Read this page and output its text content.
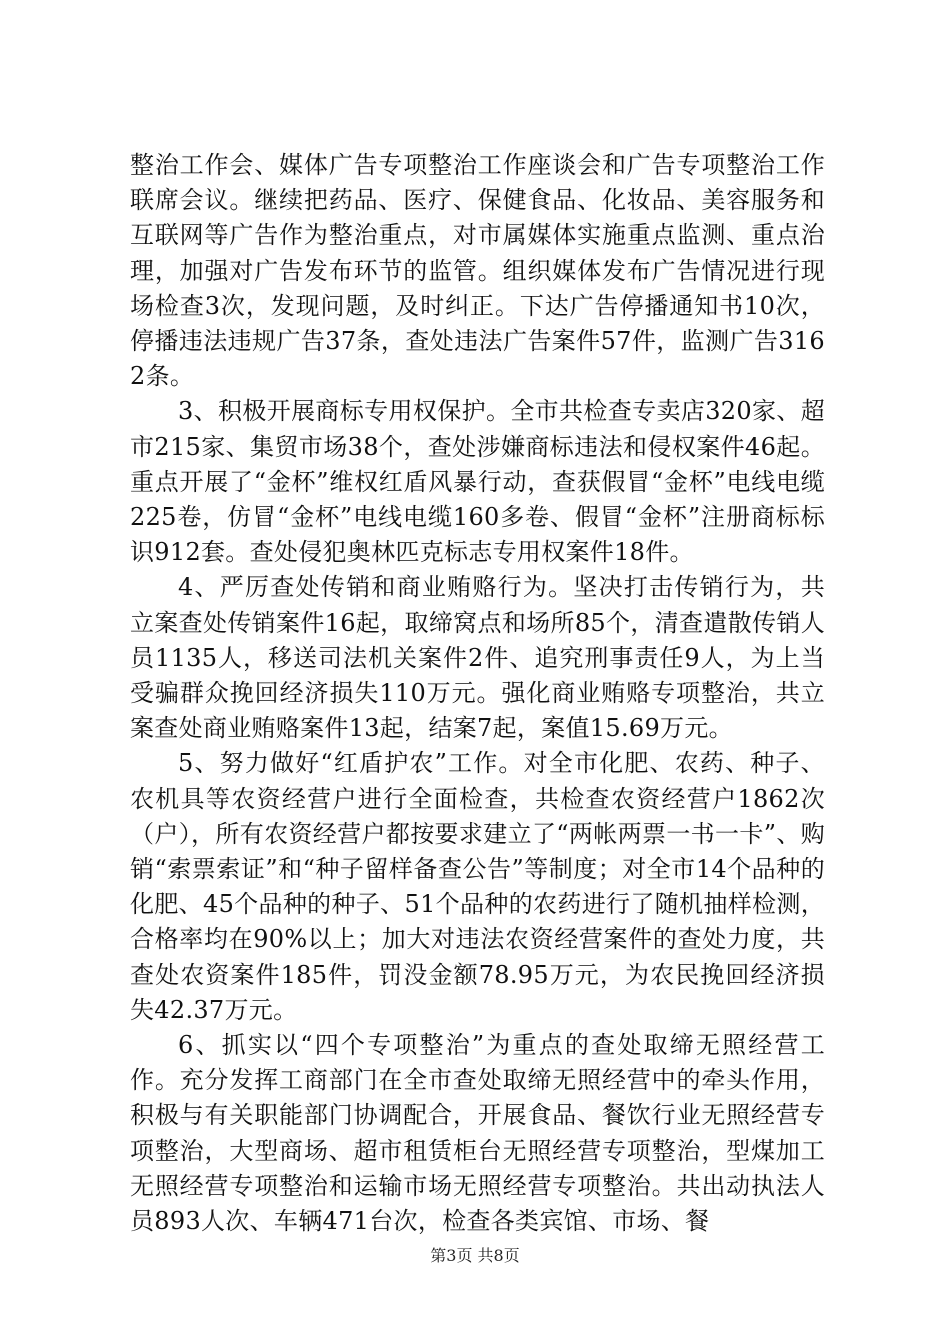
整治工作会、媒体广告专项整治工作座谈会和广告专项整治工作联席会议。继续把药品、医疗、保健食品、化妆品、美容服务和互联网等广告作为整治重点，对市属媒体实施重点监测、重点治理，加强对广告发布环节的监管。组织媒体发布广告情况进行现场检查3次，发现问题，及时纠正。下达广告停播通知书10次，停播违法违规广告37条，查处违法广告案件57件，监测广告3162条。

3、积极开展商标专用权保护。全市共检查专卖店320家、超市215家、集贸市场38个，查处涉嫌商标违法和侵权案件46起。重点开展了“金杯”维权红盾风暴行动，查获假冒“金杯”电线电缆225卷，仿冒“金杯”电线电缆160多卷、假冒“金杯”注册商标标识912套。查处侵犯奥林匹克标志专用权案件18件。

4、严厉查处传销和商业贿赂行为。坚决打击传销行为，共立案查处传销案件16起，取缔窝点和场所85个，清查遣散传销人员1135人，移送司法机关案件2件、追究刑事责任9人，为上当受骗群众挽回经济损失110万元。强化商业贿赂专项整治，共立案查处商业贿赂案件13起，结案7起，案值15.69万元。

5、努力做好“红盾护农”工作。对全市化肥、农药、种子、农机具等农资经营户进行全面检查，共检查农资经营户1862次（户），所有农资经营户都按要求建立了“两帐两票一书一卡”、购销“索票索证”和“种子留样备查公告”等制度；对全市14个品种的化肥、45个品种的种子、51个品种的农药进行了随机抽样检测，合格率均在90%以上；加大对违法农资经营案件的查处力度，共查处农资案件185件，罚没金额78.95万元，为农民挽回经济损失42.37万元。

6、抓实以“四个专项整治”为重点的查处取缔无照经营工作。充分发挥工商部门在全市查处取缔无照经营中的牵头作用，积极与有关职能部门协调配合，开展食品、餐饮行业无照经营专项整治，大型商场、超市租赁柜台无照经营专项整治，型煤加工无照经营专项整治和运输市场无照经营专项整治。共出动执法人员893人次、车辆471台次，检查各类宾馆、市场、餐

第3页 共8页
